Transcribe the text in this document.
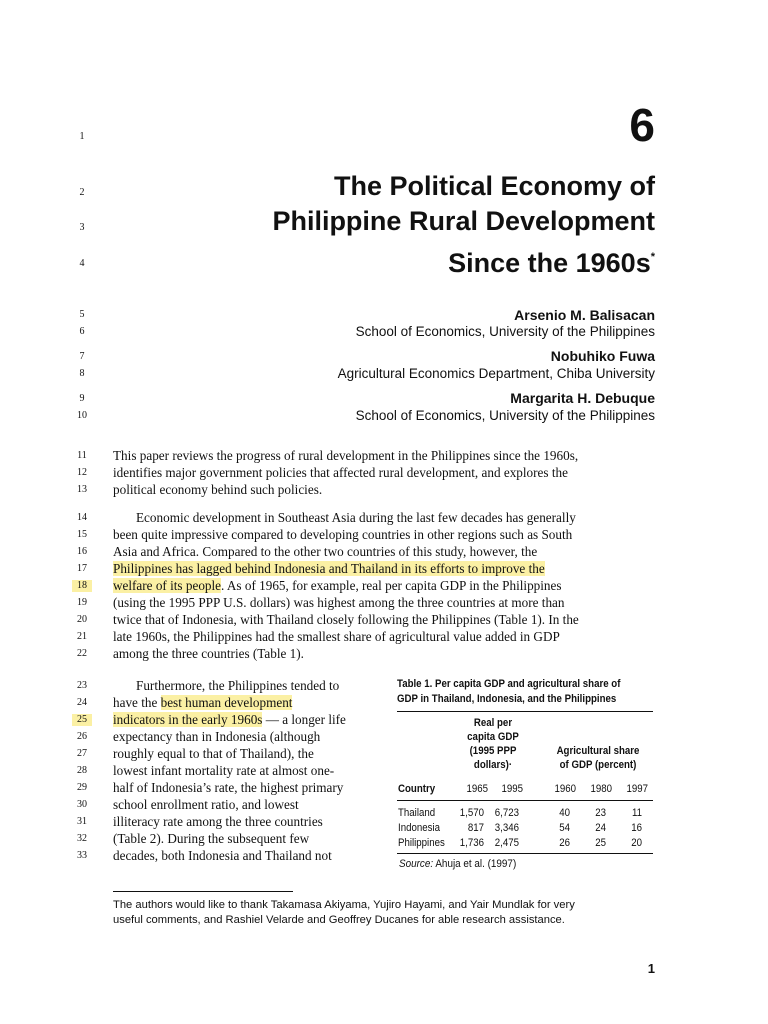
6
The Political Economy of
Philippine Rural Development
Since the 1960s*
Arsenio M. Balisacan
School of Economics, University of the Philippines
Nobuhiko Fuwa
Agricultural Economics Department, Chiba University
Margarita H. Debuque
School of Economics, University of the Philippines
1
2
3
4
5
6
7
8
9
10
11
12
13
14
15
16
17
18
19
20
21
22
23
24
25
26
27
28
29
30
31
32
33
This paper reviews the progress of rural development in the Philippines since the 1960s,
identifies major government policies that affected rural development, and explores the
political economy behind such policies.
Economic development in Southeast Asia during the last few decades has generally
been quite impressive compared to developing countries in other regions such as South
Asia and Africa. Compared to the other two countries of this study, however, the
Philippines has lagged behind Indonesia and Thailand in its efforts to improve the
welfare of its people. As of 1965, for example, real per capita GDP in the Philippines
(using the 1995 PPP U.S. dollars) was highest among the three countries at more than
twice that of Indonesia, with Thailand closely following the Philippines (Table 1). In the
late 1960s, the Philippines had the smallest share of agricultural value added in GDP
among the three countries (Table 1).
Furthermore, the Philippines tended to
have the best human development
indicators in the early 1960s — a longer life
expectancy than in Indonesia (although
roughly equal to that of Thailand), the
lowest infant mortality rate at almost one-
half of Indonesia’s rate, the highest primary
school enrollment ratio, and lowest
illiteracy rate among the three countries
(Table 2). During the subsequent few
decades, both Indonesia and Thailand not
Table 1. Per capita GDP and agricultural share of
GDP in Thailand, Indonesia, and the Philippines
Real per
capita GDP
(1995 PPP
dollars)·
Agricultural share
of GDP (percent)
Country	1965	1995	1960	1980	1997
Thailand	1,570 6,723	40	23	11
Indonesia	817 3,346	54	24	16
Philippines	1,736 2,475	26	25	20
Source: Ahuja et al. (1997)
The authors would like to thank Takamasa Akiyama, Yujiro Hayami, and Yair Mundlak for very
useful comments, and Rashiel Velarde and Geoffrey Ducanes for able research assistance.
1
